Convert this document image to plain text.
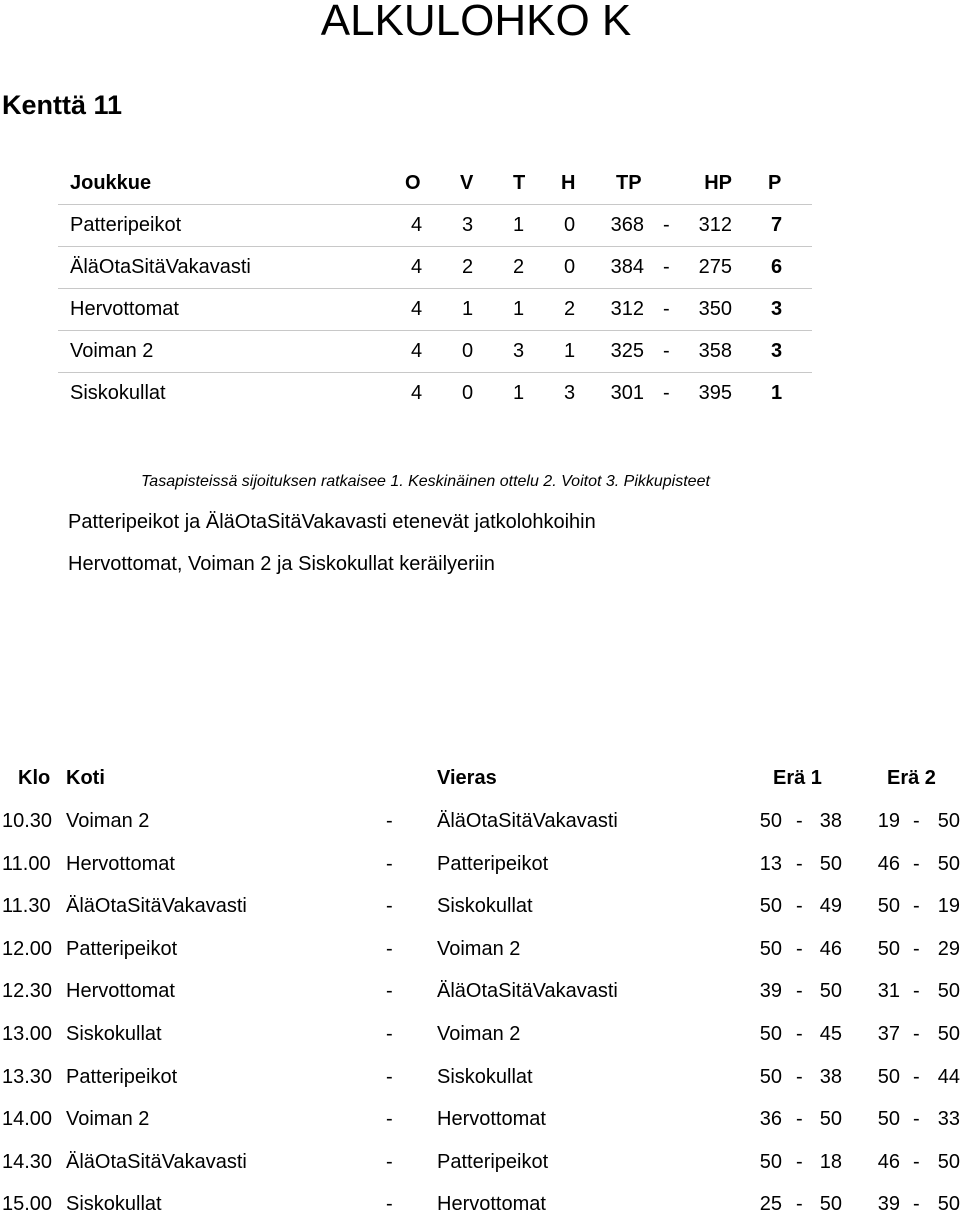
ALKULOHKO K
Kenttä 11
Joukkue	O V T H TP	HP P
Patteripeikot	4 3 1 0	368 -	312 7
ÄläOtaSitäVakavasti	4 2 2 0	384 -	275 6
Hervottomat	4 1 1 2	312 -	350 3
Voiman 2	4 0 3 1	325 -	358 3
Siskokullat	4 0 1 3	301 -	395 1
Tasapisteissä sijoituksen ratkaisee 1. Keskinäinen ottelu 2. Voitot 3. Pikkupisteet
Patteripeikot ja ÄläOtaSitäVakavasti etenevät jatkolohkoihin
Hervottomat, Voiman 2 ja Siskokullat keräilyeriin
Klo Koti	Vieras	Erä 1	Erä 2
10.30 Voiman 2	- ÄläOtaSitäVakavasti	50 - 38	19 - 50
11.00 Hervottomat	- Patteripeikot	13 - 50	46 - 50
11.30 ÄläOtaSitäVakavasti	- Siskokullat	50 - 49	50 - 19
12.00 Patteripeikot	- Voiman 2	50 - 46	50 - 29
12.30 Hervottomat	- ÄläOtaSitäVakavasti	39 - 50	31 - 50
13.00 Siskokullat	- Voiman 2	50 - 45	37 - 50
13.30 Patteripeikot	- Siskokullat	50 - 38	50 - 44
14.00 Voiman 2	- Hervottomat	36 - 50	50 - 33
14.30 ÄläOtaSitäVakavasti	- Patteripeikot	50 - 18	46 - 50
15.00 Siskokullat	- Hervottomat	25 - 50	39 - 50
